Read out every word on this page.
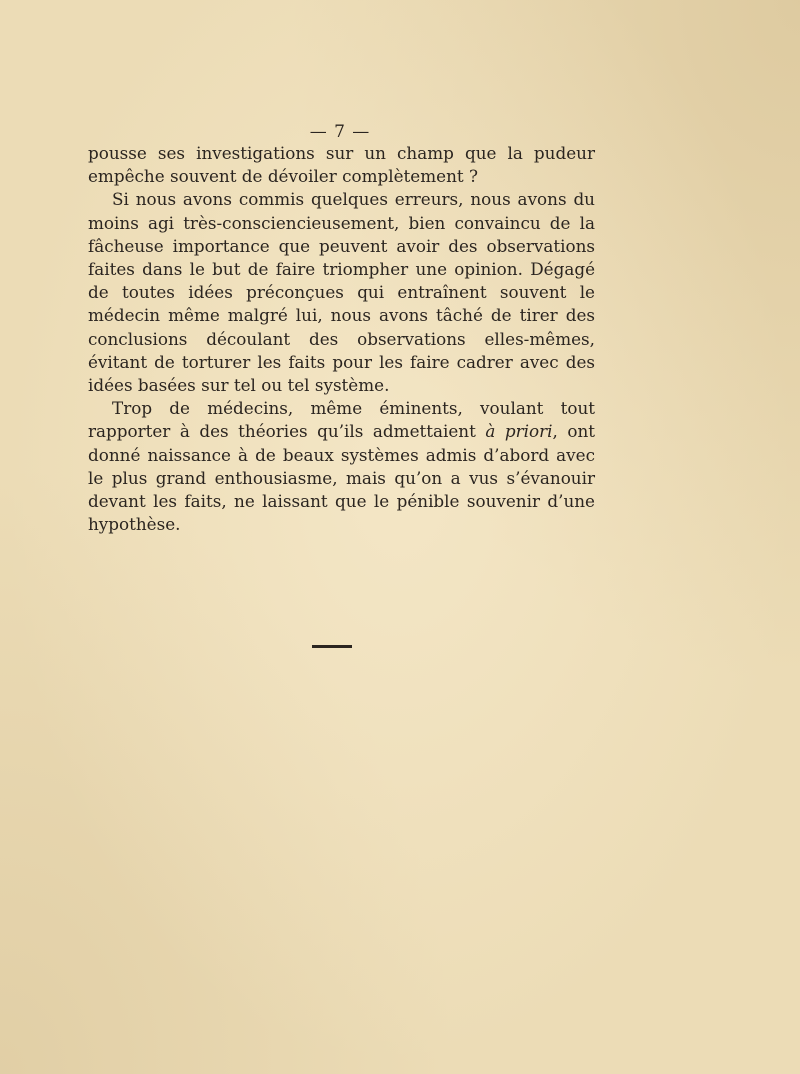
— 7 —

pousse ses investigations sur un champ que la pudeur empêche souvent de dévoiler complètement ?

Si nous avons commis quelques erreurs, nous avons du moins agi très-consciencieusement, bien convaincu de la fâcheuse importance que peuvent avoir des observations faites dans le but de faire triompher une opinion. Dégagé de toutes idées préconçues qui entraînent souvent le médecin même malgré lui, nous avons tâché de tirer des conclusions découlant des observations elles-mêmes, évitant de torturer les faits pour les faire cadrer avec des idées basées sur tel ou tel système.

Trop de médecins, même éminents, voulant tout rapporter à des théories qu’ils admettaient à priori, ont donné naissance à de beaux systèmes admis d’abord avec le plus grand enthousiasme, mais qu’on a vus s’évanouir devant les faits, ne laissant que le pénible souvenir d’une hypothèse.
